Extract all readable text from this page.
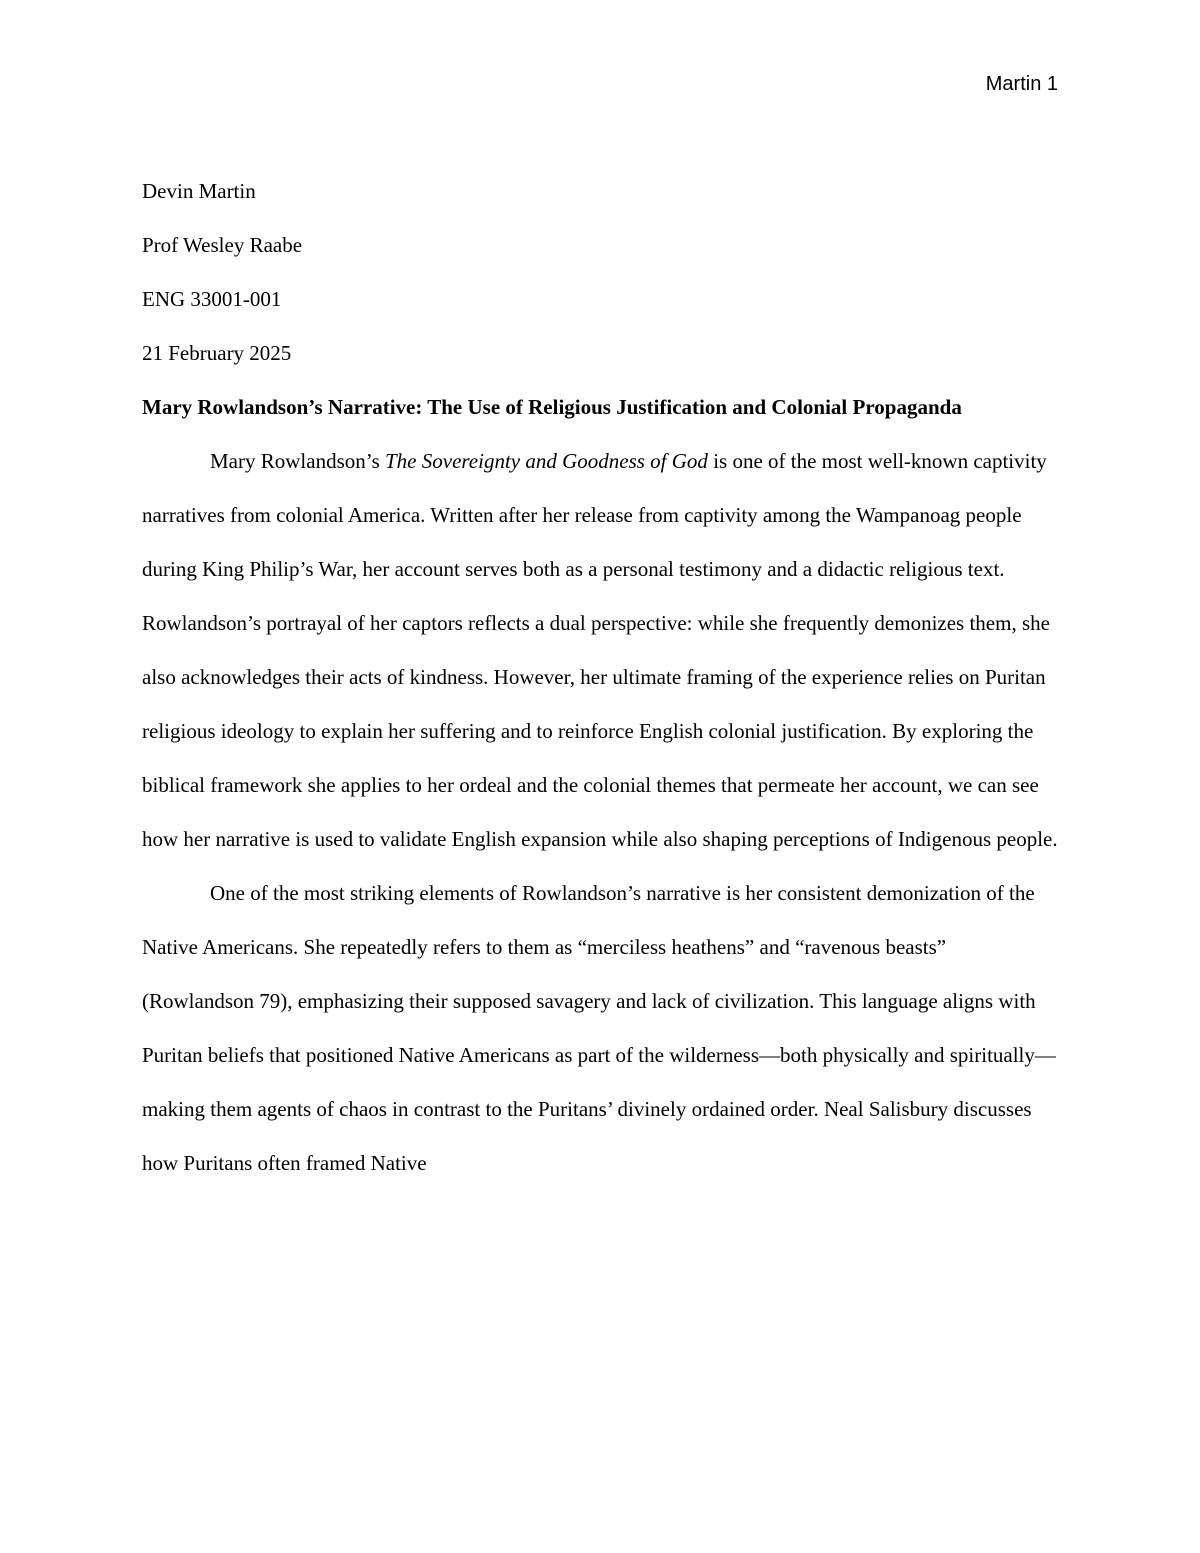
Martin 1

Devin Martin

Prof Wesley Raabe

ENG 33001-001

21 February 2025

Mary Rowlandson’s Narrative: The Use of Religious Justification and Colonial Propaganda

Mary Rowlandson’s The Sovereignty and Goodness of God is one of the most well-known captivity narratives from colonial America. Written after her release from captivity among the Wampanoag people during King Philip’s War, her account serves both as a personal testimony and a didactic religious text. Rowlandson’s portrayal of her captors reflects a dual perspective: while she frequently demonizes them, she also acknowledges their acts of kindness. However, her ultimate framing of the experience relies on Puritan religious ideology to explain her suffering and to reinforce English colonial justification. By exploring the biblical framework she applies to her ordeal and the colonial themes that permeate her account, we can see how her narrative is used to validate English expansion while also shaping perceptions of Indigenous people.

One of the most striking elements of Rowlandson’s narrative is her consistent demonization of the Native Americans. She repeatedly refers to them as “merciless heathens” and “ravenous beasts” (Rowlandson 79), emphasizing their supposed savagery and lack of civilization. This language aligns with Puritan beliefs that positioned Native Americans as part of the wilderness—both physically and spiritually—making them agents of chaos in contrast to the Puritans’ divinely ordained order. Neal Salisbury discusses how Puritans often framed Native
